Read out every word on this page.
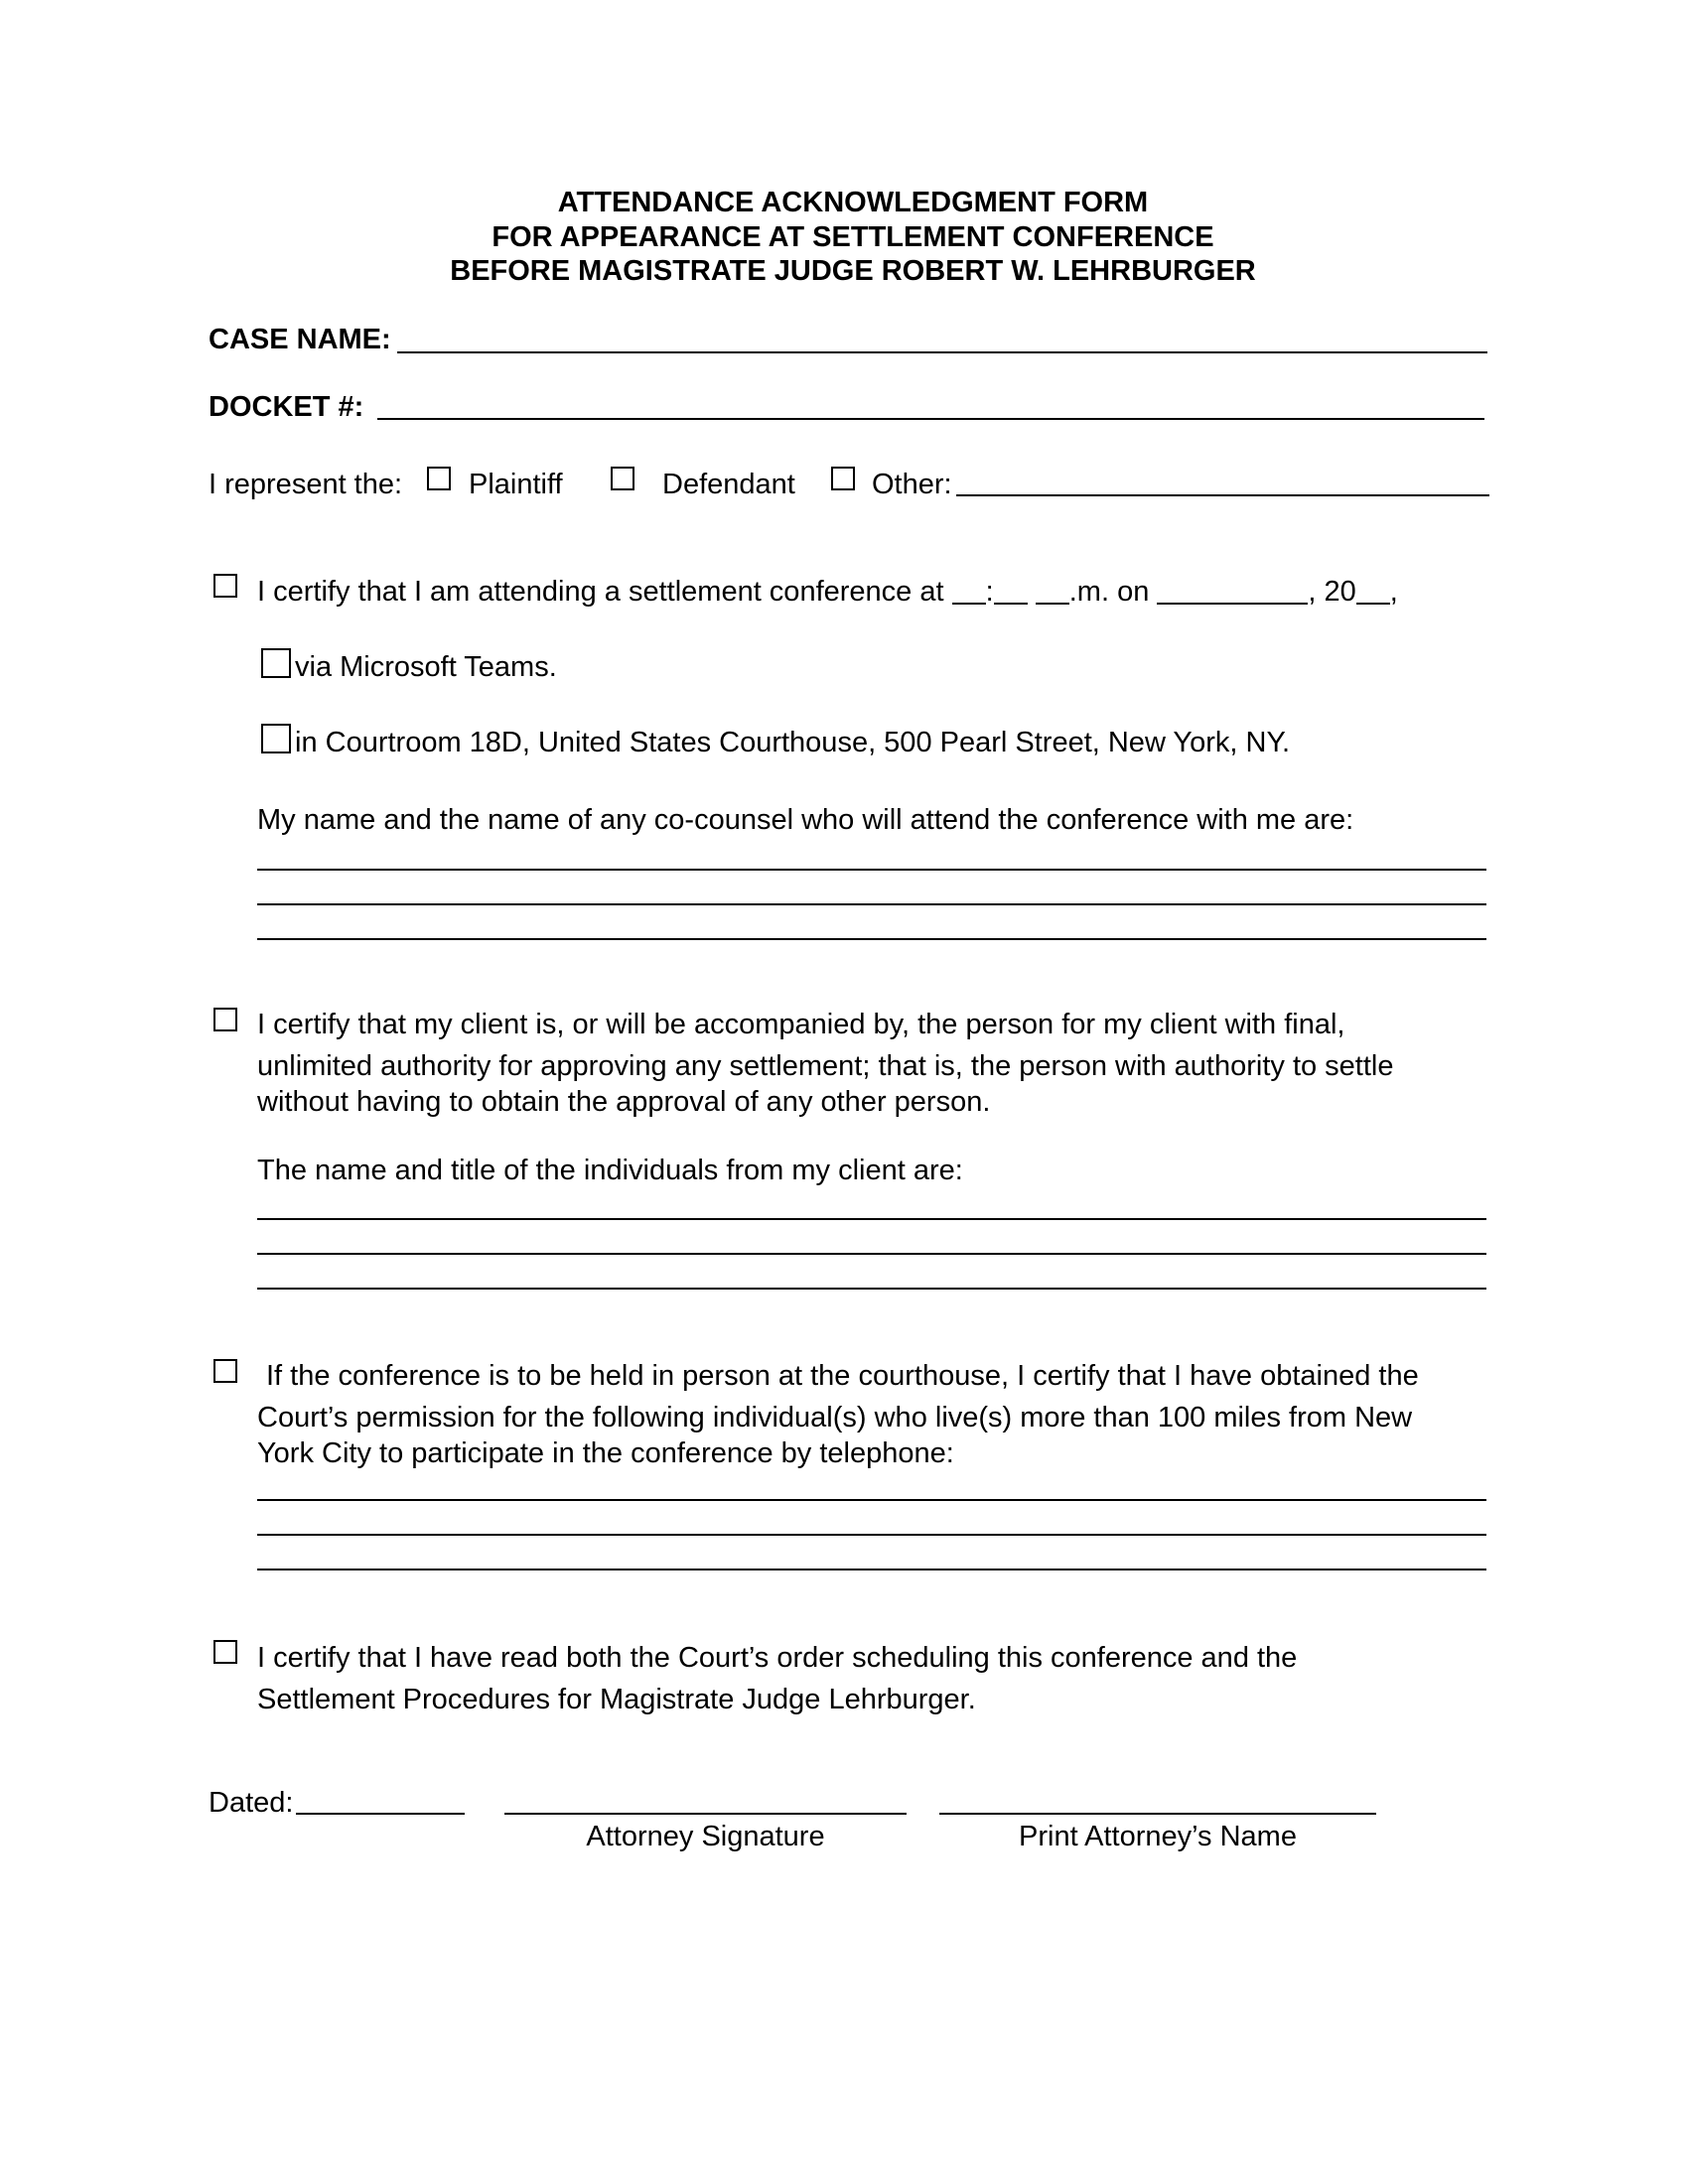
ATTENDANCE ACKNOWLEDGMENT FORM
FOR APPEARANCE AT SETTLEMENT CONFERENCE
BEFORE MAGISTRATE JUDGE ROBERT W. LEHRBURGER
CASE NAME:
DOCKET #:
I represent the: Plaintiff	Defendant	Other:
I certify that I am attending a settlement conference at :	.m. on	, 20 ,
via Microsoft Teams.
in Courtroom 18D, United States Courthouse, 500 Pearl Street, New York, NY.
My name and the name of any co-counsel who will attend the conference with me are:
I certify that my client is, or will be accompanied by, the person for my client with final,
unlimited authority for approving any settlement; that is, the person with authority to settle
without having to obtain the approval of any other person.
The name and title of the individuals from my client are:
If the conference is to be held in person at the courthouse, I certify that I have obtained the
Court’s permission for the following individual(s) who live(s) more than 100 miles from New
York City to participate in the conference by telephone:
I certify that I have read both the Court’s order scheduling this conference and the
Settlement Procedures for Magistrate Judge Lehrburger.
Dated:
Attorney Signature	Print Attorney’s Name
